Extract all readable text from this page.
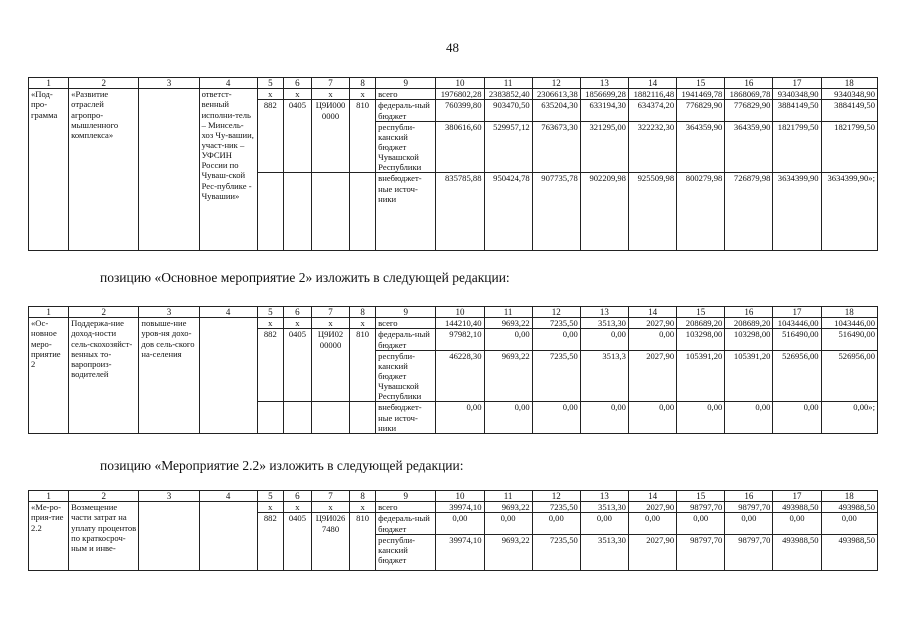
48
1	2	3	4	5	6	7	8	9	10	11	12	13	14	15	16	17	18
«Под-про-грамма	«Развитие отраслей агропро-мышленного комплекса»		ответст-венный исполни-тель – Минсель-хоз Чу-вашии, участ-ник – УФСИН России по Чуваш-ской Рес-публике - Чувашии»	x	x	x	x	всего	1976802,28	2383852,40	2306613,38	1856699,28	1882116,48	1941469,78	1868069,78	9340348,90	9340348,90
				882	0405	Ц9И000 0000	810	федераль-ный бюджет	760399,80	903470,50	635204,30	633194,30	634374,20	776829,90	776829,90	3884149,50	3884149,50
								республи-канский бюджет Чувашской Республики	380616,60	529957,12	763673,30	321295,00	322232,30	364359,90	364359,90	1821799,50	1821799,50
								внебюджет-ные источ-ники	835785,88	950424,78	907735,78	902209,98	925509,98	800279,98	726879,98	3634399,90	3634399,90»;
позицию «Основное мероприятие 2» изложить в следующей редакции:
1	2	3	4	5	6	7	8	9	10	11	12	13	14	15	16	17	18
«Ос-новное меро-приятие 2	Поддержа-ние доход-ности сель-скохозяйст-венных то-варопроиз-водителей	повыше-ние уров-ня дохо-дов сель-ского на-селения		x	x	x	x	всего	144210,40	9693,22	7235,50	3513,30	2027,90	208689,20	208689,20	1043446,00	1043446,00
				882	0405	Ц9И02 00000	810	федераль-ный бюджет	97982,10	0,00	0,00	0,00	0,00	103298,00	103298,00	516490,00	516490,00
								республи-канский бюджет Чувашской Республики	46228,30	9693,22	7235,50	3513,3	2027,90	105391,20	105391,20	526956,00	526956,00
								внебюджет-ные источ-ники	0,00	0,00	0,00	0,00	0,00	0,00	0,00	0,00	0,00»;
позицию «Мероприятие 2.2» изложить в следующей редакции:
1	2	3	4	5	6	7	8	9	10	11	12	13	14	15	16	17	18
«Ме-ро-прия-тие 2.2	Возмещение части затрат на уплату процентов по краткосроч-ным и инве-			x	x	x	x	всего	39974,10	9693,22	7235,50	3513,30	2027,90	98797,70	98797,70	493988,50	493988,50
				882	0405	Ц9И026 7480	810	федераль-ный бюджет	0,00	0,00	0,00	0,00	0,00	0,00	0,00	0,00	0,00
								республи-канский бюджет	39974,10	9693,22	7235,50	3513,30	2027,90	98797,70	98797,70	493988,50	493988,50
